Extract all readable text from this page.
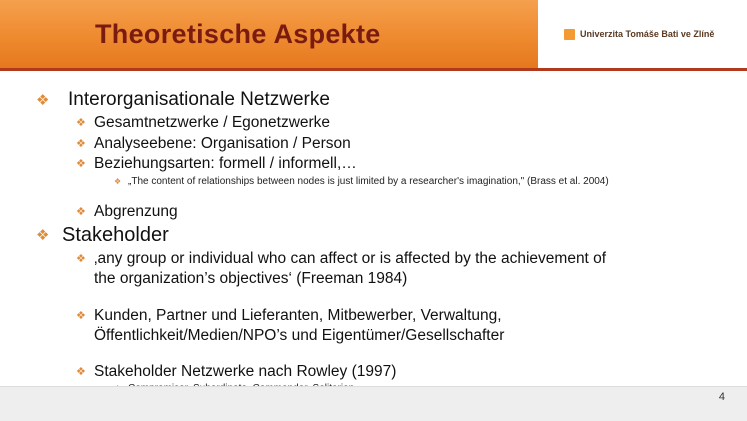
Theoretische Aspekte	Univerzita Tomáše Bati ve Zlíně
❖ Interorganisationale Netzwerke
❖ Gesamtnetzwerke / Egonetzwerke
❖ Analyseebene: Organisation / Person
❖ Beziehungsarten: formell / informell,…
❖ „The content of relationships between nodes is just limited by a researcher's imagination," (Brass et al. 2004)
❖ Abgrenzung
❖ Stakeholder
❖ ‚any group or individual who can affect or is affected by the achievement of the organization’s objectives‘ (Freeman 1984)
❖ Kunden, Partner und Lieferanten, Mitbewerber, Verwaltung, Öffentlichkeit/Medien/NPO’s und Eigentümer/Gesellschafter
❖ Stakeholder Netzwerke nach Rowley (1997)
4
